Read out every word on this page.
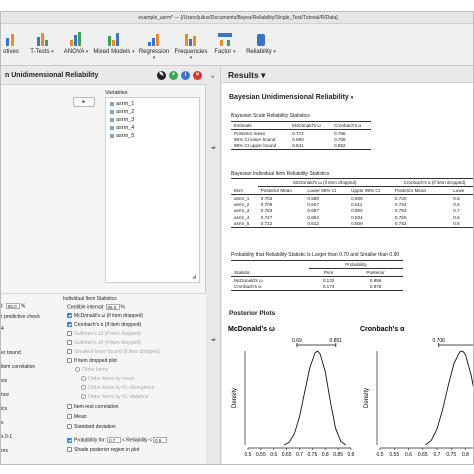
example_asrm* — [/Users/julius/Documents/Bayes/Reliability/Single_Test/Tutorial/R/Data]
otives	T-Tests ▾	ANOVA ▾ Mixed Models ▾ Regression ▾
Frequencies ▾
Factor ▾	Reliability ▾
n Unidimensional Reliability	✎	+	i	×
►
Variables
asrm_1
asrm_2
asrm_3
asrm_4
asrm_5
◢
l: 95.0 %
r predictive check
4
er bound
item correlation
sis
nce
ics
s
s 0-1
ors
Individual Item Statistics
Credible interval: 95.0 %
McDonald's ω (if item dropped)
Cronbach's α (if item dropped)
Guttman's λ2 (if item dropped)
Guttman's λ6 (if item dropped)
Greatest lower bound (if item dropped)
If item dropped plot
Order items
Order items by mean
Order items by KL-divergence
Order items by KL-distance
Item-rest correlation
Mean
Standard deviation
Probability for: 0.7 < Reliability < 0.9
Shade posterior region in plot
◂
◂▸
◂▸
Results ▾
Bayesian Unidimensional Reliability ▾
Bayesian Scale Reliability Statistics
Estimate	McDonald's ω	Cronbach's α
Posterior mean	0.772	0.785
95% CI lower bound	0.690	0.706
95% CI upper bound	0.841	0.852
Bayesian Individual Item Reliability Statistics
	McDonald's ω (if item dropped)			Cronbach's α (if item dropped)	
Item	Posterior Mean	Lower 95% CI	Upper 95% CI	Posterior Mean	Lowe
asrm_1	0.703	0.590	0.805	0.720	0.6
asrm_2	0.709	0.607	0.811	0.734	0.6
asrm_3	0.783	0.697	0.860	0.793	0.7
asrm_4	0.747	0.654	0.834	0.750	0.6
asrm_5	0.712	0.612	0.809	0.742	0.6
Probability that Reliability Statistic is Larger than 0.70 and Smaller than 0.90
	Probability	
Statistic	Prior	Posterior
McDonald's ω	0.132	0.956
Cronbach's α	0.174	0.978
Posterior Plots
McDonald's ω
Density
0.5 0.55 0.6 0.65 0.7 0.75 0.8 0.85 0.9
0.69	0.851
Cronbach's α
Density
0.5 0.55 0.6 0.65 0.7 0.75 0.8
0.706
